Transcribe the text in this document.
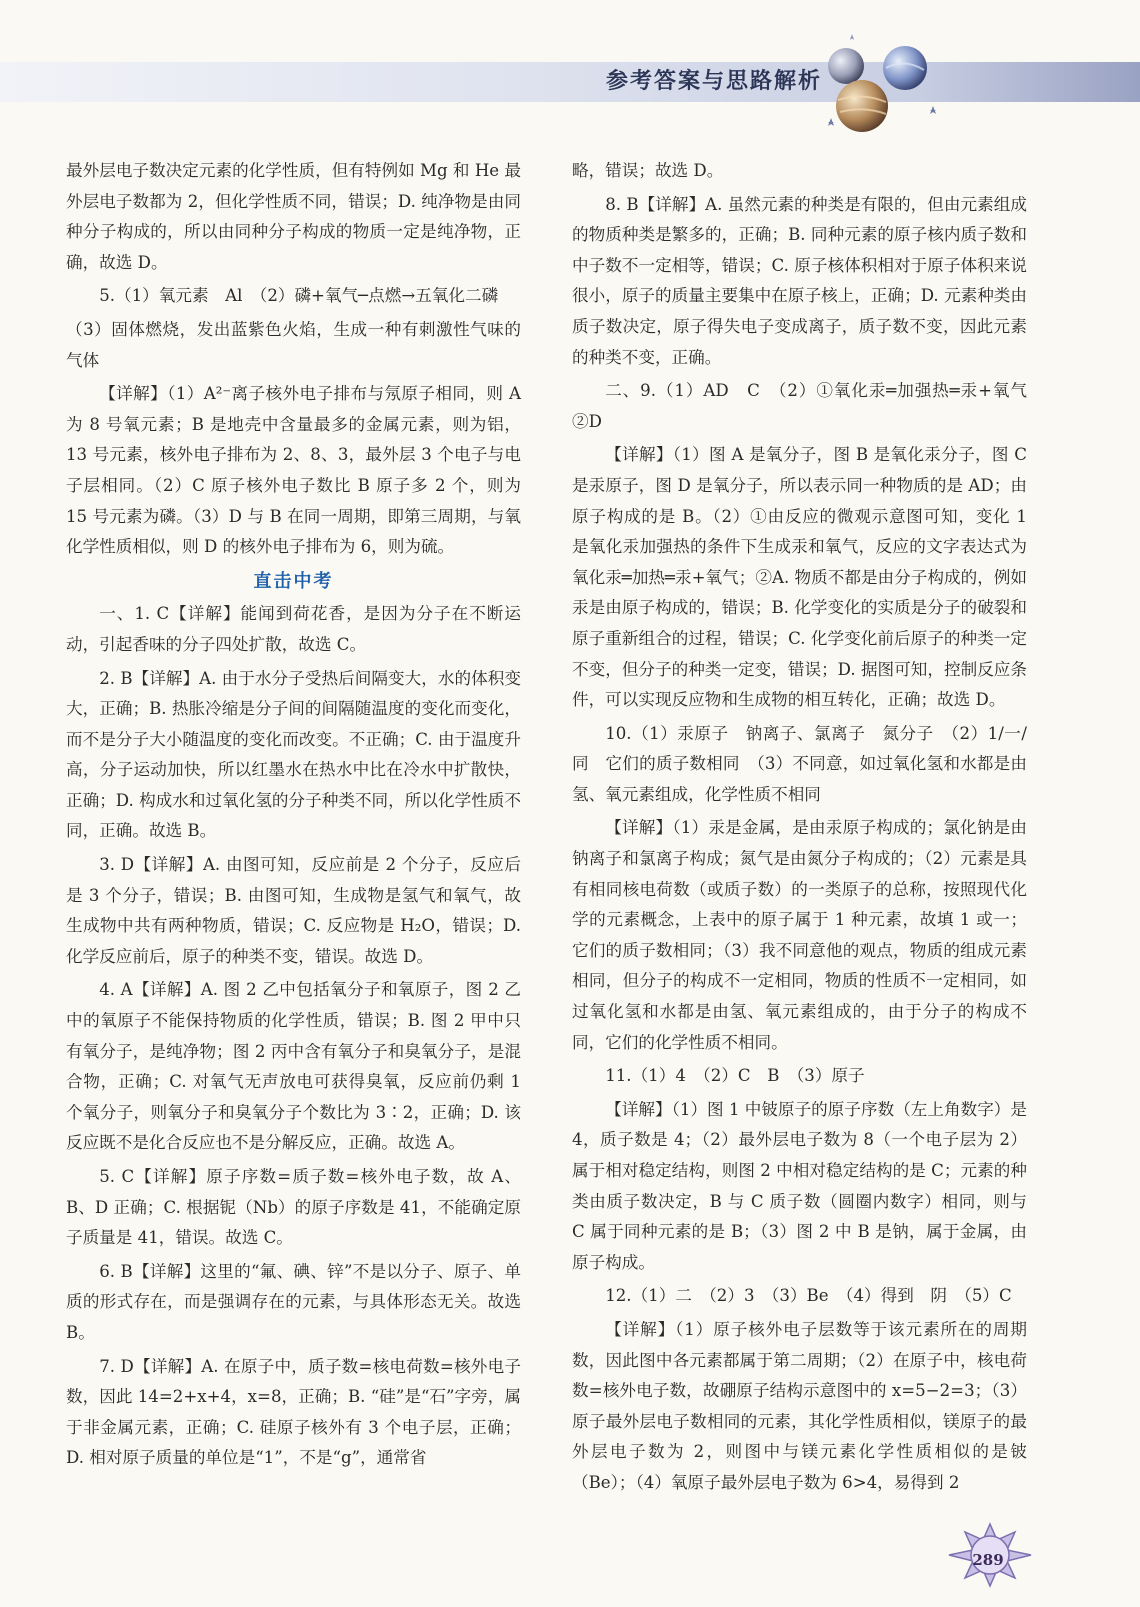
参考答案与思路解析

最外层电子数决定元素的化学性质，但有特例如 Mg 和 He 最外层电子数都为 2，但化学性质不同，错误；D. 纯净物是由同种分子构成的，所以由同种分子构成的物质一定是纯净物，正确，故选 D。

5.（1）氧元素　Al　（2）磷+氧气─点燃→五氧化二磷

（3）固体燃烧，发出蓝紫色火焰，生成一种有刺激性气味的气体

【详解】（1）A²⁻离子核外电子排布与氖原子相同，则 A 为 8 号氧元素；B 是地壳中含量最多的金属元素，则为铝，13 号元素，核外电子排布为 2、8、3，最外层 3 个电子与电子层相同。（2）C 原子核外电子数比 B 原子多 2 个，则为 15 号元素为磷。（3）D 与 B 在同一周期，即第三周期，与氧化学性质相似，则 D 的核外电子排布为 6，则为硫。

直击中考

一、1. C【详解】能闻到荷花香，是因为分子在不断运动，引起香味的分子四处扩散，故选 C。

2. B【详解】A. 由于水分子受热后间隔变大，水的体积变大，正确；B. 热胀冷缩是分子间的间隔随温度的变化而变化，而不是分子大小随温度的变化而改变。不正确；C. 由于温度升高，分子运动加快，所以红墨水在热水中比在冷水中扩散快，正确；D. 构成水和过氧化氢的分子种类不同，所以化学性质不同，正确。故选 B。

3. D【详解】A. 由图可知，反应前是 2 个分子，反应后是 3 个分子，错误；B. 由图可知，生成物是氢气和氧气，故生成物中共有两种物质，错误；C. 反应物是 H₂O，错误；D. 化学反应前后，原子的种类不变，错误。故选 D。

4. A【详解】A. 图 2 乙中包括氧分子和氧原子，图 2 乙中的氧原子不能保持物质的化学性质，错误；B. 图 2 甲中只有氧分子，是纯净物；图 2 丙中含有氧分子和臭氧分子，是混合物，正确；C. 对氧气无声放电可获得臭氧，反应前仍剩 1 个氧分子，则氧分子和臭氧分子个数比为 3∶2，正确；D. 该反应既不是化合反应也不是分解反应，正确。故选 A。

5. C【详解】原子序数=质子数=核外电子数，故 A、B、D 正确；C. 根据铌（Nb）的原子序数是 41，不能确定原子质量是 41，错误。故选 C。

6. B【详解】这里的“氟、碘、锌”不是以分子、原子、单质的形式存在，而是强调存在的元素，与具体形态无关。故选 B。

7. D【详解】A. 在原子中，质子数=核电荷数=核外电子数，因此 14=2+x+4，x=8，正确；B. “硅”是“石”字旁，属于非金属元素，正确；C. 硅原子核外有 3 个电子层，正确；D. 相对原子质量的单位是“1”，不是“g”，通常省

略，错误；故选 D。

8. B【详解】A. 虽然元素的种类是有限的，但由元素组成的物质种类是繁多的，正确；B. 同种元素的原子核内质子数和中子数不一定相等，错误；C. 原子核体积相对于原子体积来说很小，原子的质量主要集中在原子核上，正确；D. 元素种类由质子数决定，原子得失电子变成离子，质子数不变，因此元素的种类不变，正确。

二、9.（1）AD　C　（2）①氧化汞═加强热═汞+氧气　②D

【详解】（1）图 A 是氧分子，图 B 是氧化汞分子，图 C 是汞原子，图 D 是氧分子，所以表示同一种物质的是 AD；由原子构成的是 B。（2）①由反应的微观示意图可知，变化 1 是氧化汞加强热的条件下生成汞和氧气，反应的文字表达式为氧化汞═加热═汞+氧气；②A. 物质不都是由分子构成的，例如汞是由原子构成的，错误；B. 化学变化的实质是分子的破裂和原子重新组合的过程，错误；C. 化学变化前后原子的种类一定不变，但分子的种类一定变，错误；D. 据图可知，控制反应条件，可以实现反应物和生成物的相互转化，正确；故选 D。

10.（1）汞原子　钠离子、氯离子　氮分子　（2）1/一/同　它们的质子数相同　（3）不同意，如过氧化氢和水都是由氢、氧元素组成，化学性质不相同

【详解】（1）汞是金属，是由汞原子构成的；氯化钠是由钠离子和氯离子构成；氮气是由氮分子构成的；（2）元素是具有相同核电荷数（或质子数）的一类原子的总称，按照现代化学的元素概念，上表中的原子属于 1 种元素，故填 1 或一；它们的质子数相同；（3）我不同意他的观点，物质的组成元素相同，但分子的构成不一定相同，物质的性质不一定相同，如过氧化氢和水都是由氢、氧元素组成的，由于分子的构成不同，它们的化学性质不相同。

11.（1）4　（2）C　B　（3）原子

【详解】（1）图 1 中铍原子的原子序数（左上角数字）是 4，质子数是 4；（2）最外层电子数为 8（一个电子层为 2）属于相对稳定结构，则图 2 中相对稳定结构的是 C；元素的种类由质子数决定，B 与 C 质子数（圆圈内数字）相同，则与 C 属于同种元素的是 B；（3）图 2 中 B 是钠，属于金属，由原子构成。

12.（1）二　（2）3　（3）Be　（4）得到　阴　（5）C

【详解】（1）原子核外电子层数等于该元素所在的周期数，因此图中各元素都属于第二周期；（2）在原子中，核电荷数=核外电子数，故硼原子结构示意图中的 x=5−2=3；（3）原子最外层电子数相同的元素，其化学性质相似，镁原子的最外层电子数为 2，则图中与镁元素化学性质相似的是铍（Be）；（4）氧原子最外层电子数为 6>4，易得到 2

289
